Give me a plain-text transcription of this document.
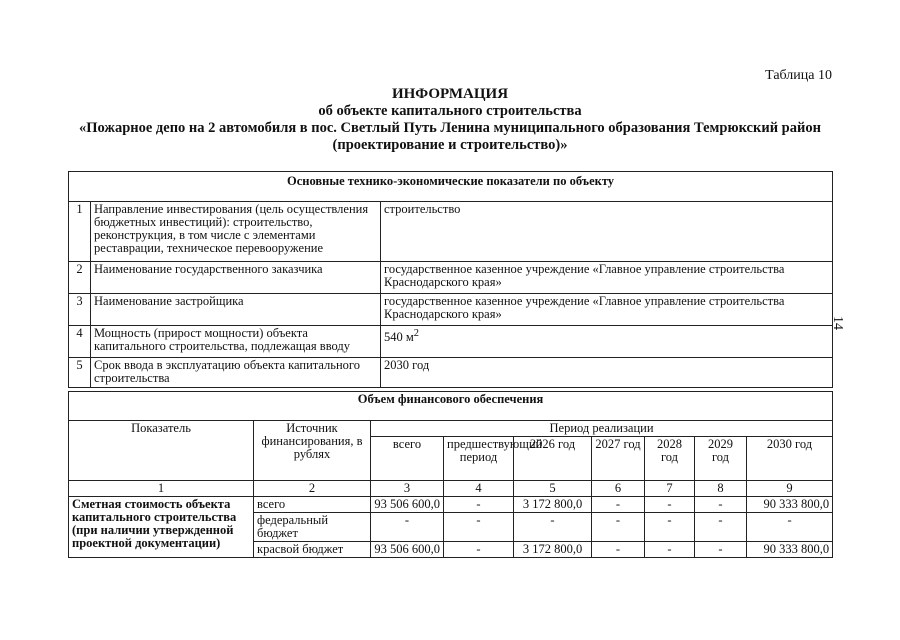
Таблица 10
14
ИНФОРМАЦИЯ
об объекте капитального строительства
«Пожарное депо на 2 автомобиля в пос. Светлый Путь Ленина муниципального образования Темрюкский район
(проектирование и строительство)»
Основные технико-экономические показатели по объекту		
1	Направление инвестирования (цель осуществления бюджетных инвестиций): строительство, реконструкция, в том числе с элементами реставрации, техническое перевооружение	строительство
2	Наименование государственного заказчика	государственное казенное учреждение «Главное управление строительства Краснодарского края»
3	Наименование застройщика	государственное казенное учреждение «Главное управление строительства Краснодарского края»
4	Мощность (прирост мощности) объекта капитального строительства, подлежащая вводу	540 $м^2$
5	Срок ввода в эксплуатацию объекта капитального строительства	2030 год
Объем финансового обеспечения								
Показатель	Источник финансирования, в рублях	Период реализации						
		всего	предшествующий период	2026 год	2027 год	2028 год	2029 год	2030 год
1	2	3	4	5	6	7	8	9
Сметная стоимость объекта капитального строительства (при наличии утвержденной проектной документации)	всего	93 506 600,0	-	3 172 800,0	-	-	-	90 333 800,0
	федеральный бюджет	-	-	-	-	-	-	-
	красвой бюджет	93 506 600,0	-	3 172 800,0	-	-	-	90 333 800,0
